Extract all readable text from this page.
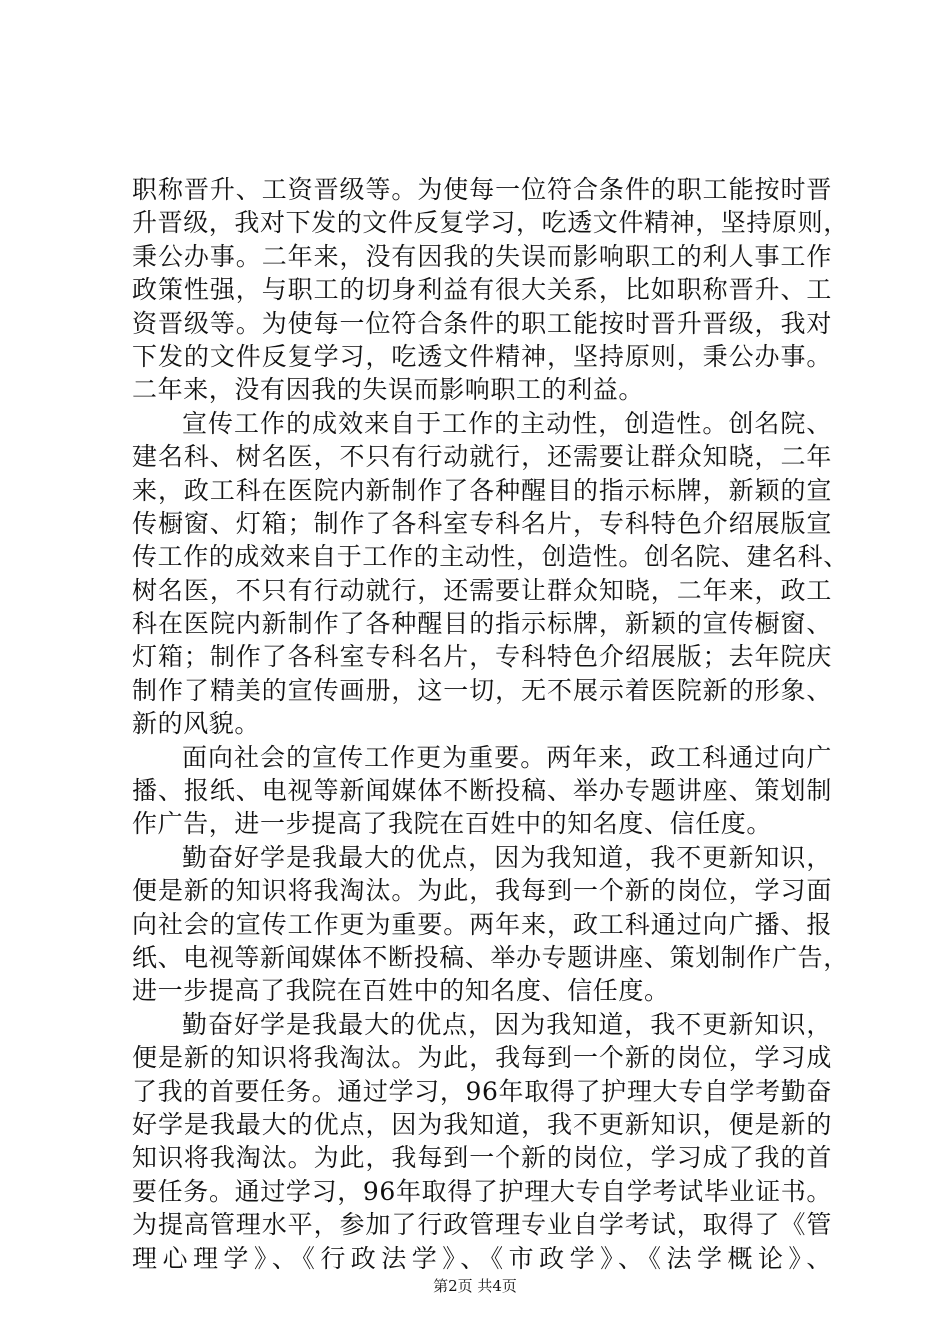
职称晋升、工资晋级等。为使每一位符合条件的职工能按时晋
升晋级，我对下发的文件反复学习，吃透文件精神，坚持原则，
秉公办事。二年来，没有因我的失误而影响职工的利人事工作
政策性强，与职工的切身利益有很大关系，比如职称晋升、工
资晋级等。为使每一位符合条件的职工能按时晋升晋级，我对
下发的文件反复学习，吃透文件精神，坚持原则，秉公办事。
二年来，没有因我的失误而影响职工的利益。
宣传工作的成效来自于工作的主动性，创造性。创名院、
建名科、树名医，不只有行动就行，还需要让群众知晓，二年
来，政工科在医院内新制作了各种醒目的指示标牌，新颖的宣
传橱窗、灯箱；制作了各科室专科名片，专科特色介绍展版宣
传工作的成效来自于工作的主动性，创造性。创名院、建名科、
树名医，不只有行动就行，还需要让群众知晓，二年来，政工
科在医院内新制作了各种醒目的指示标牌，新颖的宣传橱窗、
灯箱；制作了各科室专科名片，专科特色介绍展版；去年院庆
制作了精美的宣传画册，这一切，无不展示着医院新的形象、
新的风貌。
面向社会的宣传工作更为重要。两年来，政工科通过向广
播、报纸、电视等新闻媒体不断投稿、举办专题讲座、策划制
作广告，进一步提高了我院在百姓中的知名度、信任度。
勤奋好学是我最大的优点，因为我知道，我不更新知识，
便是新的知识将我淘汰。为此，我每到一个新的岗位，学习面
向社会的宣传工作更为重要。两年来，政工科通过向广播、报
纸、电视等新闻媒体不断投稿、举办专题讲座、策划制作广告，
进一步提高了我院在百姓中的知名度、信任度。
勤奋好学是我最大的优点，因为我知道，我不更新知识，
便是新的知识将我淘汰。为此，我每到一个新的岗位，学习成
了我的首要任务。通过学习，96年取得了护理大专自学考勤奋
好学是我最大的优点，因为我知道，我不更新知识，便是新的
知识将我淘汰。为此，我每到一个新的岗位，学习成了我的首
要任务。通过学习，96年取得了护理大专自学考试毕业证书。
为提高管理水平，参加了行政管理专业自学考试，取得了《管
理心理学》、《行政法学》、《市政学》、《法学概论》、
第2页 共4页
